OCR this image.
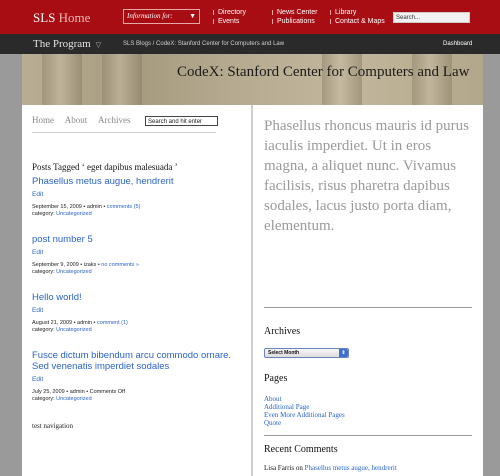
SLS Home	Information for: ▼	Directory
Events
News Center
Publications
Library
Contact & Maps	Search...
The Program ▽	SLS Blogs / CodeX: Stanford Center for Computers and Law	Dashboard
CodeX: Stanford Center for Computers and Law
Home About Archives	Search and hit enter
Posts Tagged ‘ eget dapibus malesuada ’
Phasellus metus augue, hendrerit
Edit
September 15, 2009 • admin • comments (5)
category: Uncategorized
post number 5
Edit
September 9, 2009 • izaks • no comments »
category: Uncategorized
Hello world!
Edit
August 21, 2009 • admin • comment (1)
category: Uncategorized
Fusce dictum bibendum arcu commodo ornare. Sed venenatis imperdiet sodales
Edit
July 25, 2009 • admin • Comments Off
category: Uncategorized
test navigation
Phasellus rhoncus mauris id purus iaculis imperdiet. Ut in eros magna, a aliquet nunc. Vivamus facilisis, risus pharetra dapibus sodales, lacus justo porta diam, elementum.
Archives
Select Month	⇕
Pages
About
Additional Page
Even More Additional Pages
Quote
Recent Comments
Lisa Farris on Phasellus metus augue, hendrerit
